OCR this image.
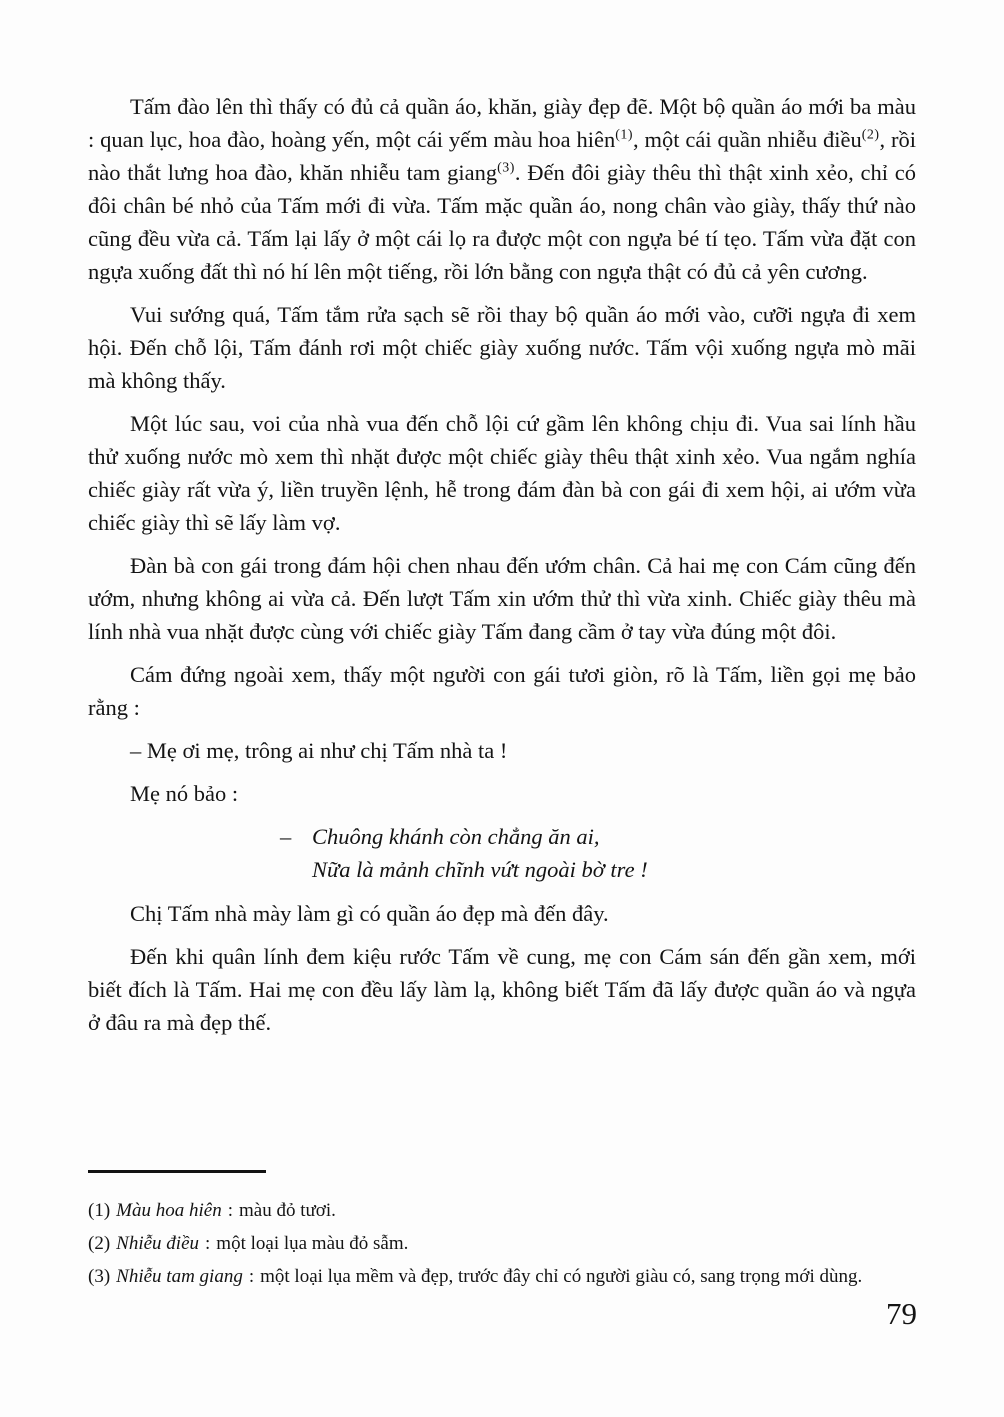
Tấm đào lên thì thấy có đủ cả quần áo, khăn, giày đẹp đẽ. Một bộ quần áo mới ba màu : quan lục, hoa đào, hoàng yến, một cái yếm màu hoa hiên$^{(1)}$, một cái quần nhiễu điều$^{(2)}$, rồi nào thắt lưng hoa đào, khăn nhiễu tam giang$^{(3)}$. Đến đôi giày thêu thì thật xinh xẻo, chỉ có đôi chân bé nhỏ của Tấm mới đi vừa. Tấm mặc quần áo, nong chân vào giày, thấy thứ nào cũng đều vừa cả. Tấm lại lấy ở một cái lọ ra được một con ngựa bé tí tẹo. Tấm vừa đặt con ngựa xuống đất thì nó hí lên một tiếng, rồi lớn bằng con ngựa thật có đủ cả yên cương.

Vui sướng quá, Tấm tắm rửa sạch sẽ rồi thay bộ quần áo mới vào, cưỡi ngựa đi xem hội. Đến chỗ lội, Tấm đánh rơi một chiếc giày xuống nước. Tấm vội xuống ngựa mò mãi mà không thấy.

Một lúc sau, voi của nhà vua đến chỗ lội cứ gầm lên không chịu đi. Vua sai lính hầu thử xuống nước mò xem thì nhặt được một chiếc giày thêu thật xinh xẻo. Vua ngắm nghía chiếc giày rất vừa ý, liền truyền lệnh, hễ trong đám đàn bà con gái đi xem hội, ai ướm vừa chiếc giày thì sẽ lấy làm vợ.

Đàn bà con gái trong đám hội chen nhau đến ướm chân. Cả hai mẹ con Cám cũng đến ướm, nhưng không ai vừa cả. Đến lượt Tấm xin ướm thử thì vừa xinh. Chiếc giày thêu mà lính nhà vua nhặt được cùng với chiếc giày Tấm đang cầm ở tay vừa đúng một đôi.

Cám đứng ngoài xem, thấy một người con gái tươi giòn, rõ là Tấm, liền gọi mẹ bảo rằng :

– Mẹ ơi mẹ, trông ai như chị Tấm nhà ta !

Mẹ nó bảo :

– Chuông khánh còn chẳng ăn ai,
Nữa là mảnh chĩnh vứt ngoài bờ tre !

Chị Tấm nhà mày làm gì có quần áo đẹp mà đến đây.

Đến khi quân lính đem kiệu rước Tấm về cung, mẹ con Cám sán đến gần xem, mới biết đích là Tấm. Hai mẹ con đều lấy làm lạ, không biết Tấm đã lấy được quần áo và ngựa ở đâu ra mà đẹp thế.

(1) Màu hoa hiên : màu đỏ tươi.
(2) Nhiễu điều : một loại lụa màu đỏ sẫm.
(3) Nhiễu tam giang : một loại lụa mềm và đẹp, trước đây chỉ có người giàu có, sang trọng mới dùng.
79
